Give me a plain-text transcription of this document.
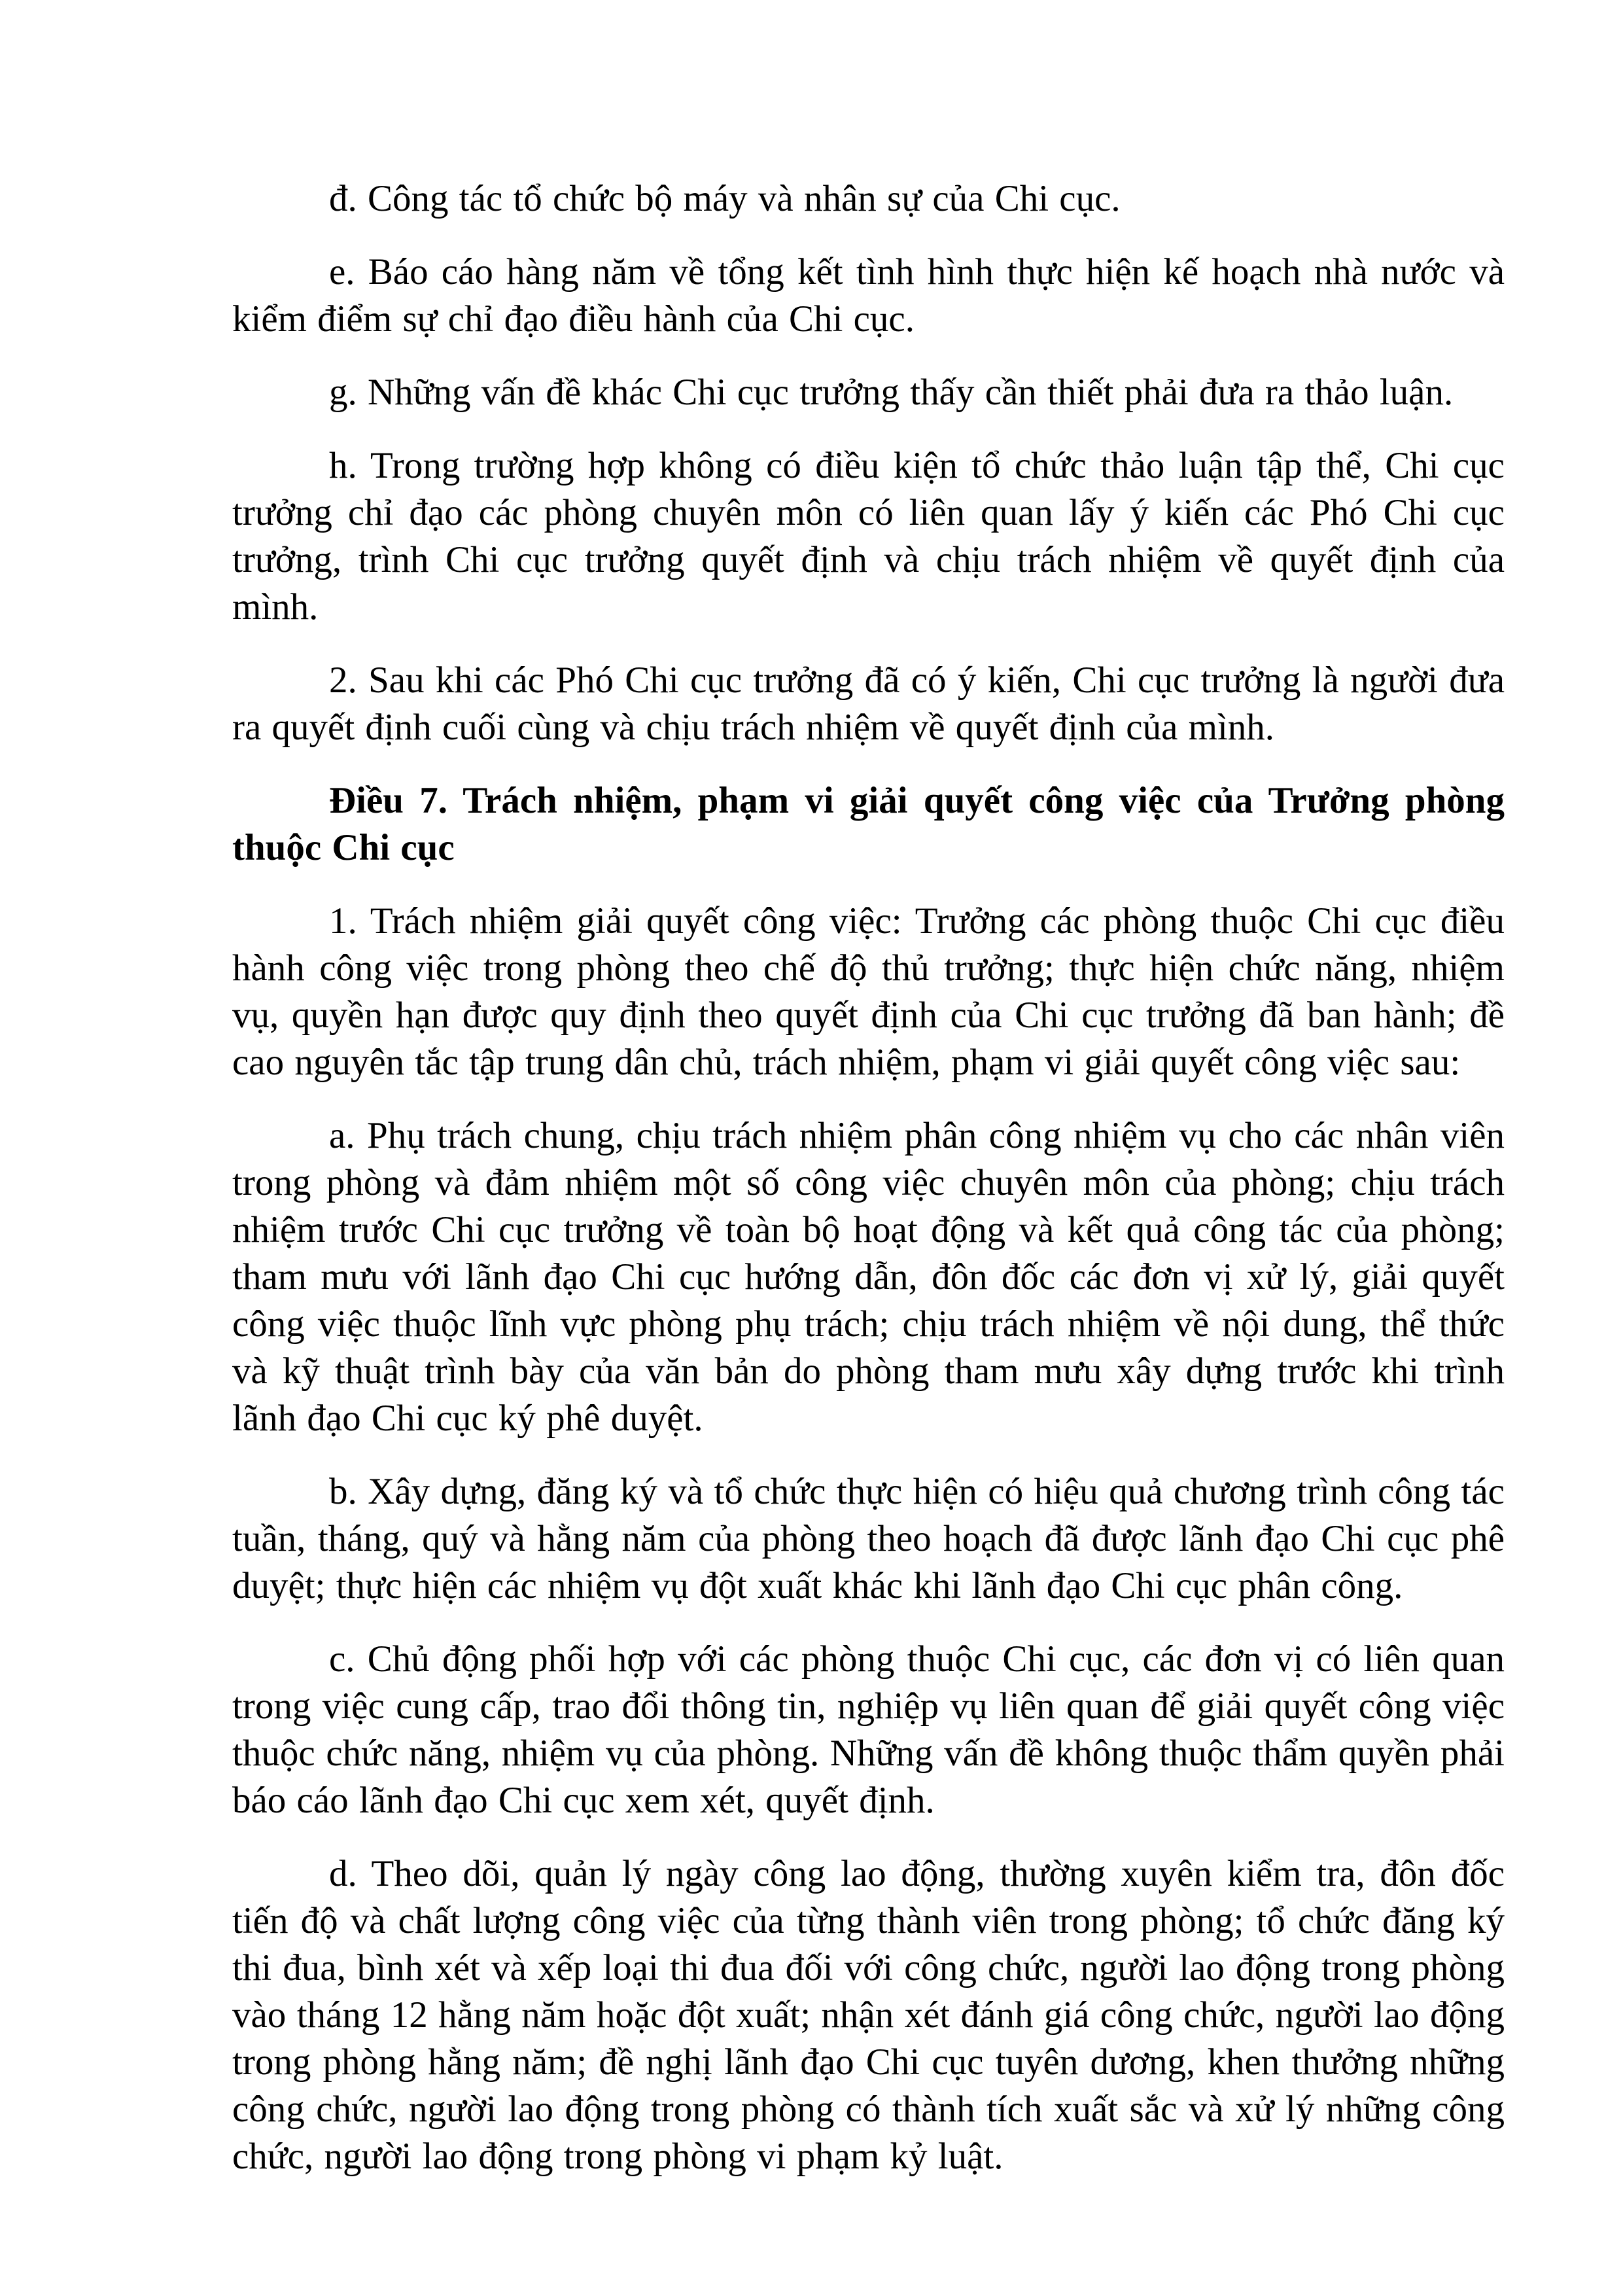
đ. Công tác tổ chức bộ máy và nhân sự của Chi cục.

e. Báo cáo hàng năm về tổng kết tình hình thực hiện kế hoạch nhà nước và kiểm điểm sự chỉ đạo điều hành của Chi cục.

g. Những vấn đề khác Chi cục trưởng thấy cần thiết phải đưa ra thảo luận.

h. Trong trường hợp không có điều kiện tổ chức thảo luận tập thể, Chi cục trưởng chỉ đạo các phòng chuyên môn có liên quan lấy ý kiến các Phó Chi cục trưởng, trình Chi cục trưởng quyết định và chịu trách nhiệm về quyết định của mình.

2. Sau khi các Phó Chi cục trưởng đã có ý kiến, Chi cục trưởng là người đưa ra quyết định cuối cùng và chịu trách nhiệm về quyết định của mình.

Điều 7. Trách nhiệm, phạm vi giải quyết công việc của Trưởng phòng thuộc Chi cục

1. Trách nhiệm giải quyết công việc: Trưởng các phòng thuộc Chi cục điều hành công việc trong phòng theo chế độ thủ trưởng; thực hiện chức năng, nhiệm vụ, quyền hạn được quy định theo quyết định của Chi cục trưởng đã ban hành; đề cao nguyên tắc tập trung dân chủ, trách nhiệm, phạm vi giải quyết công việc sau:

a. Phụ trách chung, chịu trách nhiệm phân công nhiệm vụ cho các nhân viên trong phòng và đảm nhiệm một số công việc chuyên môn của phòng; chịu trách nhiệm trước Chi cục trưởng về toàn bộ hoạt động và kết quả công tác của phòng; tham mưu với lãnh đạo Chi cục hướng dẫn, đôn đốc các đơn vị xử lý, giải quyết công việc thuộc lĩnh vực phòng phụ trách; chịu trách nhiệm về nội dung, thể thức và kỹ thuật trình bày của văn bản do phòng tham mưu xây dựng trước khi trình lãnh đạo Chi cục ký phê duyệt.

b. Xây dựng, đăng ký và tổ chức thực hiện có hiệu quả chương trình công tác tuần, tháng, quý và hằng năm của phòng theo hoạch đã được lãnh đạo Chi cục phê duyệt; thực hiện các nhiệm vụ đột xuất khác khi lãnh đạo Chi cục phân công.

c. Chủ động phối hợp với các phòng thuộc Chi cục, các đơn vị có liên quan trong việc cung cấp, trao đổi thông tin, nghiệp vụ liên quan để giải quyết công việc thuộc chức năng, nhiệm vụ của phòng. Những vấn đề không thuộc thẩm quyền phải báo cáo lãnh đạo Chi cục xem xét, quyết định.

d. Theo dõi, quản lý ngày công lao động, thường xuyên kiểm tra, đôn đốc tiến độ và chất lượng công việc của từng thành viên trong phòng; tổ chức đăng ký thi đua, bình xét và xếp loại thi đua đối với công chức, người lao động trong phòng vào tháng 12 hằng năm hoặc đột xuất; nhận xét đánh giá công chức, người lao động trong phòng hằng năm; đề nghị lãnh đạo Chi cục tuyên dương, khen thưởng những công chức, người lao động trong phòng có thành tích xuất sắc và xử lý những công chức, người lao động trong phòng vi phạm kỷ luật.
